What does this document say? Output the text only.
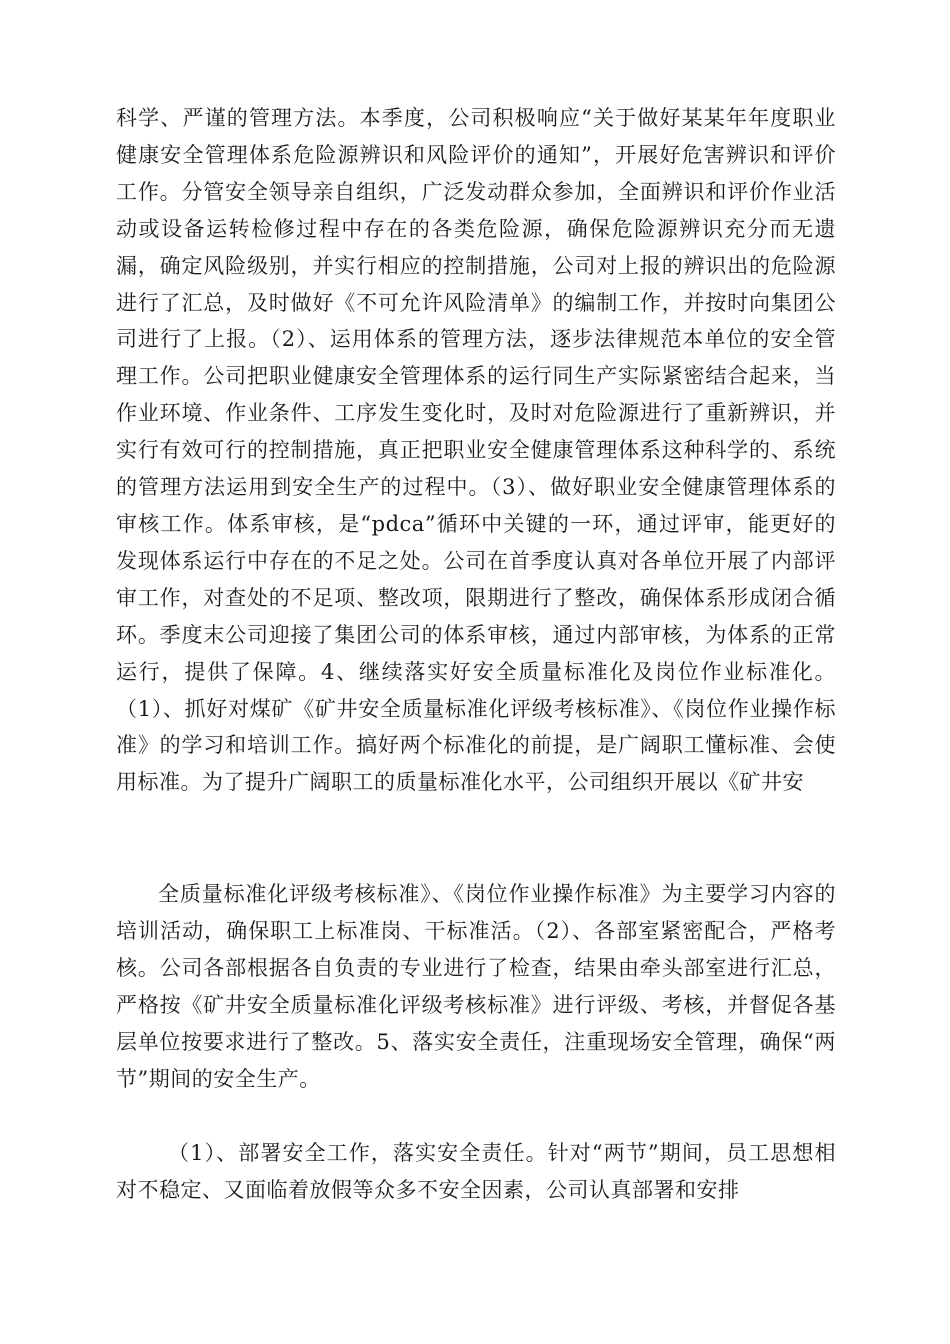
科学、严谨的管理方法。本季度，公司积极响应“关于做好某某年年度职业健康安全管理体系危险源辨识和风险评价的通知”，开展好危害辨识和评价工作。分管安全领导亲自组织，广泛发动群众参加，全面辨识和评价作业活动或设备运转检修过程中存在的各类危险源，确保危险源辨识充分而无遗漏，确定风险级别，并实行相应的控制措施，公司对上报的辨识出的危险源进行了汇总，及时做好《不可允许风险清单》的编制工作，并按时向集团公司进行了上报。（2）、运用体系的管理方法，逐步法律规范本单位的安全管理工作。公司把职业健康安全管理体系的运行同生产实际紧密结合起来，当作业环境、作业条件、工序发生变化时，及时对危险源进行了重新辨识，并实行有效可行的控制措施，真正把职业安全健康管理体系这种科学的、系统的管理方法运用到安全生产的过程中。（3）、做好职业安全健康管理体系的审核工作。体系审核，是“pdca”循环中关键的一环，通过评审，能更好的发现体系运行中存在的不足之处。公司在首季度认真对各单位开展了内部评审工作，对查处的不足项、整改项，限期进行了整改，确保体系形成闭合循环。季度末公司迎接了集团公司的体系审核，通过内部审核，为体系的正常运行，提供了保障。4、继续落实好安全质量标准化及岗位作业标准化。（1）、抓好对煤矿《矿井安全质量标准化评级考核标准》、《岗位作业操作标准》的学习和培训工作。搞好两个标准化的前提，是广阔职工懂标准、会使用标准。为了提升广阔职工的质量标准化水平，公司组织开展以《矿井安

全质量标准化评级考核标准》、《岗位作业操作标准》为主要学习内容的培训活动，确保职工上标准岗、干标准活。（2）、各部室紧密配合，严格考核。公司各部根据各自负责的专业进行了检查，结果由牵头部室进行汇总，严格按《矿井安全质量标准化评级考核标准》进行评级、考核，并督促各基层单位按要求进行了整改。5、落实安全责任，注重现场安全管理，确保“两节”期间的安全生产。

（1）、部署安全工作，落实安全责任。针对“两节”期间，员工思想相对不稳定、又面临着放假等众多不安全因素，公司认真部署和安排
